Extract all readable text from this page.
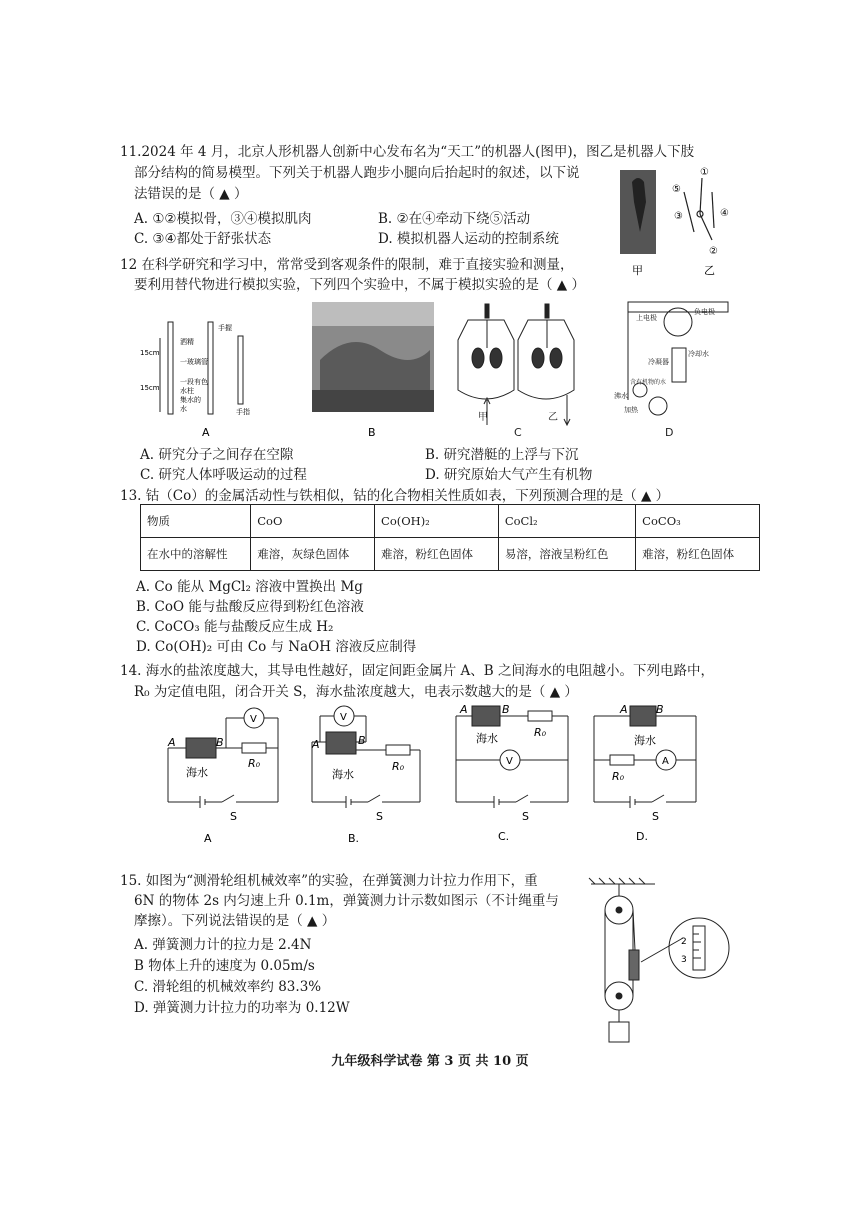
11.2024 年 4 月，北京人形机器人创新中心发布名为“天工”的机器人(图甲)，图乙是机器人下肢
部分结构的简易模型。下列关于机器人跑步小腿向后抬起时的叙述，以下说
法错误的是（ ▲ ）
A. ①②模拟骨，③④模拟肌肉	B. ②在④牵动下绕⑤活动
C. ③④都处于舒张状态	D. 模拟机器人运动的控制系统
①
②
③	④
⑤
甲	乙
12 在科学研究和学习中，常常受到客观条件的限制，难于直接实验和测量，
要利用替代物进行模拟实验，下列四个实验中，不属于模拟实验的是（ ▲ ）
15cm
15cm
洒精
一玻璃管
一段有色
水柱
集水的
水
手握
手指
A	B
甲	乙
C
上电极
负电极
冷凝器
冷却水
含有机物的水
沸水
加热
D
A. 研究分子之间存在空隙	B. 研究潜艇的上浮与下沉
C. 研究人体呼吸运动的过程	D. 研究原始大气产生有机物
13. 钴（Co）的金属活动性与铁相似，钴的化合物相关性质如表，下列预测合理的是（ ▲ ）
物质	CoO	Co(OH)₂	CoCl₂	CoCO₃
在水中的溶解性	难溶，灰绿色固体	难溶，粉红色固体	易溶，溶液呈粉红色	难溶，粉红色固体
A. Co 能从 MgCl₂ 溶液中置换出 Mg
B. CoO 能与盐酸反应得到粉红色溶液
C. CoCO₃ 能与盐酸反应生成 H₂
D. Co(OH)₂ 可由 Co 与 NaOH 溶液反应制得
14. 海水的盐浓度越大，其导电性越好，固定间距金属片 A、B 之间海水的电阻越小。下列电路中，
R₀ 为定值电阻，闭合开关 S，海水盐浓度越大，电表示数越大的是（ ▲ ）
A	B
R₀
海水
V
S
A
A	B
R₀
海水
V
S
B.
A	B
R₀
海水
V
S
C.
A	B
R₀
海水
A
S
D.
15. 如图为“测滑轮组机械效率”的实验，在弹簧测力计拉力作用下，重
6N 的物体 2s 内匀速上升 0.1m，弹簧测力计示数如图示（不计绳重与
摩擦）。下列说法错误的是（ ▲ ）
A. 弹簧测力计的拉力是 2.4N
B 物体上升的速度为 0.05m/s
C. 滑轮组的机械效率约 83.3%
D. 弹簧测力计拉力的功率为 0.12W
2
3
九年级科学试卷 第 3 页 共 10 页
